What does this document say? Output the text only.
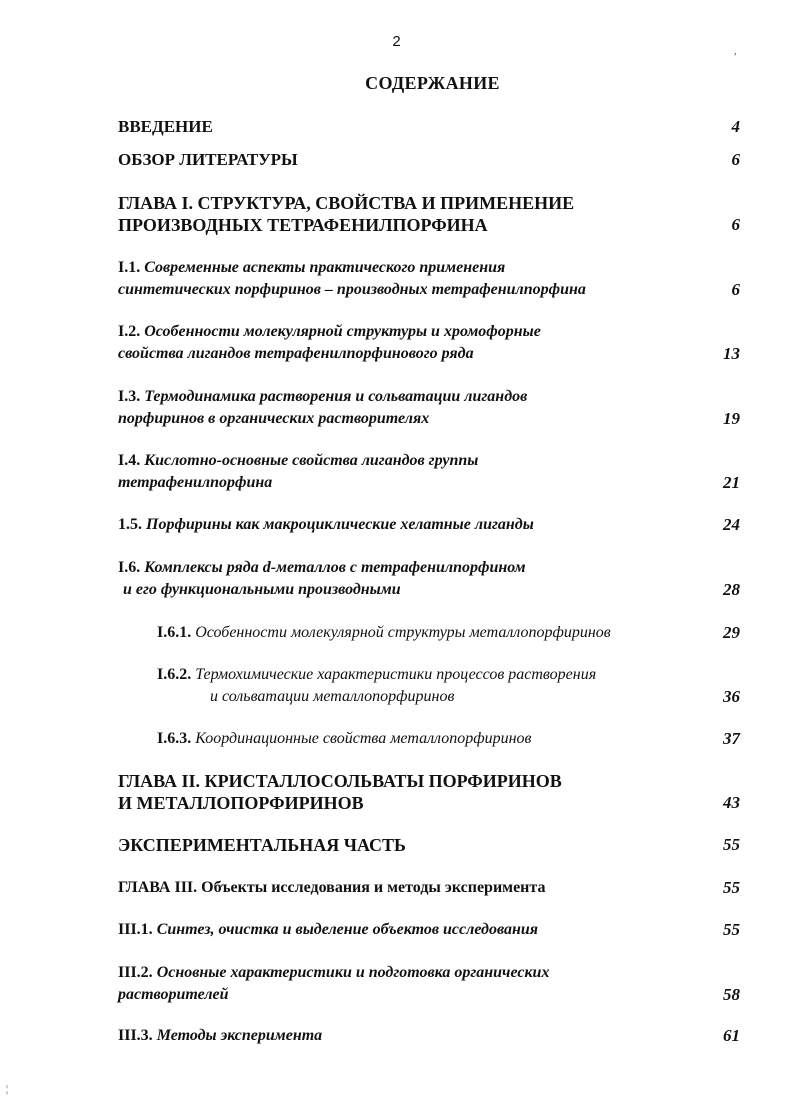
2
,
СОДЕРЖАНИЕ
ВВЕДЕНИЕ	4
ОБЗОР ЛИТЕРАТУРЫ	6
ГЛАВА I. СТРУКТУРА, СВОЙСТВА И ПРИМЕНЕНИЕ
ПРОИЗВОДНЫХ ТЕТРАФЕНИЛПОРФИНА	6
I.1. Современные аспекты практического применения
синтетических порфиринов – производных тетрафенилпорфина	6
I.2. Особенности молекулярной структуры и хромофорные
свойства лигандов тетрафенилпорфинового ряда	13
I.3. Термодинамика растворения и сольватации лигандов
порфиринов в органических растворителях	19
I.4. Кислотно-основные свойства лигандов группы
тетрафенилпорфина	21
1.5. Порфирины как макроциклические хелатные лиганды	24
I.6. Комплексы ряда d-металлов с тетрафенилпорфином
и его функциональными производными	28
I.6.1. Особенности молекулярной структуры металлопорфиринов	29
I.6.2. Термохимические характеристики процессов растворения
и сольватации металлопорфиринов	36
I.6.3. Координационные свойства металлопорфиринов	37
ГЛАВА II. КРИСТАЛЛОСОЛЬВАТЫ ПОРФИРИНОВ
И МЕТАЛЛОПОРФИРИНОВ	43
ЭКСПЕРИМЕНТАЛЬНАЯ ЧАСТЬ	55
ГЛАВА III. Объекты исследования и методы эксперимента	55
III.1. Синтез, очистка и выделение объектов исследования	55
III.2. Основные характеристики и подготовка органических
растворителей	58
III.3. Методы эксперимента	61
¦
